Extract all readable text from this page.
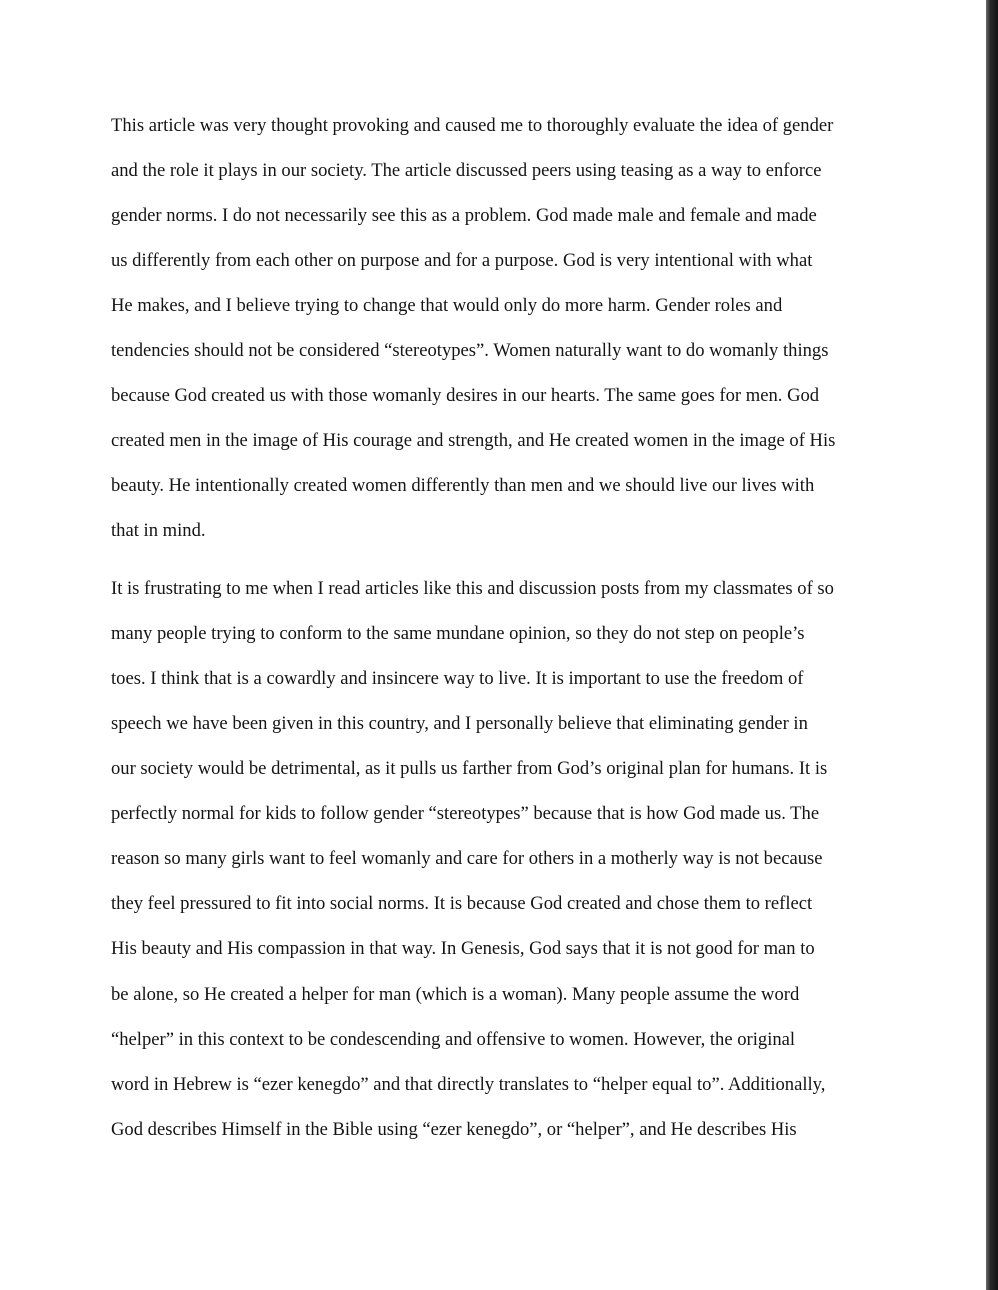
This article was very thought provoking and caused me to thoroughly evaluate the idea of gender
and the role it plays in our society. The article discussed peers using teasing as a way to enforce
gender norms. I do not necessarily see this as a problem. God made male and female and made
us differently from each other on purpose and for a purpose. God is very intentional with what
He makes, and I believe trying to change that would only do more harm. Gender roles and
tendencies should not be considered “stereotypes”. Women naturally want to do womanly things
because God created us with those womanly desires in our hearts. The same goes for men. God
created men in the image of His courage and strength, and He created women in the image of His
beauty. He intentionally created women differently than men and we should live our lives with
that in mind.
It is frustrating to me when I read articles like this and discussion posts from my classmates of so
many people trying to conform to the same mundane opinion, so they do not step on people’s
toes. I think that is a cowardly and insincere way to live. It is important to use the freedom of
speech we have been given in this country, and I personally believe that eliminating gender in
our society would be detrimental, as it pulls us farther from God’s original plan for humans. It is
perfectly normal for kids to follow gender “stereotypes” because that is how God made us. The
reason so many girls want to feel womanly and care for others in a motherly way is not because
they feel pressured to fit into social norms. It is because God created and chose them to reflect
His beauty and His compassion in that way. In Genesis, God says that it is not good for man to
be alone, so He created a helper for man (which is a woman). Many people assume the word
“helper” in this context to be condescending and offensive to women. However, the original
word in Hebrew is “ezer kenegdo” and that directly translates to “helper equal to”. Additionally,
God describes Himself in the Bible using “ezer kenegdo”, or “helper”, and He describes His
